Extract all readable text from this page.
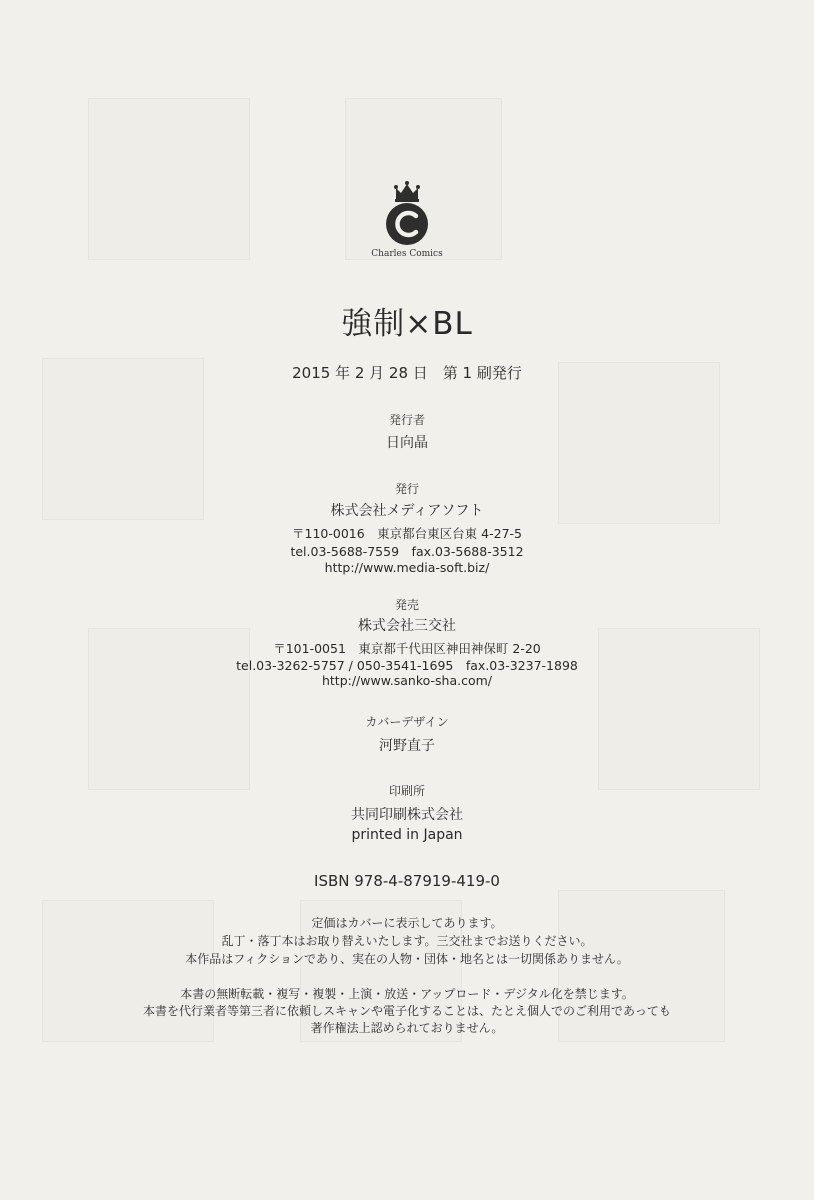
Charles Comics
強制×BL
2015 年 2 月 28 日　第 1 刷発行
発行者
日向晶
発行
株式会社メディアソフト
〒110-0016　東京都台東区台東 4-27-5
tel.03-5688-7559　fax.03-5688-3512
http://www.media-soft.biz/
発売
株式会社三交社
〒101-0051　東京都千代田区神田神保町 2-20
tel.03-3262-5757 / 050-3541-1695　fax.03-3237-1898
http://www.sanko-sha.com/
カバーデザイン
河野直子
印刷所
共同印刷株式会社
printed in Japan
ISBN 978-4-87919-419-0
定価はカバーに表示してあります。
乱丁・落丁本はお取り替えいたします。三交社までお送りください。
本作品はフィクションであり、実在の人物・団体・地名とは一切関係ありません。
本書の無断転載・複写・複製・上演・放送・アップロード・デジタル化を禁じます。
本書を代行業者等第三者に依頼しスキャンや電子化することは、たとえ個人でのご利用であっても
著作権法上認められておりません。
